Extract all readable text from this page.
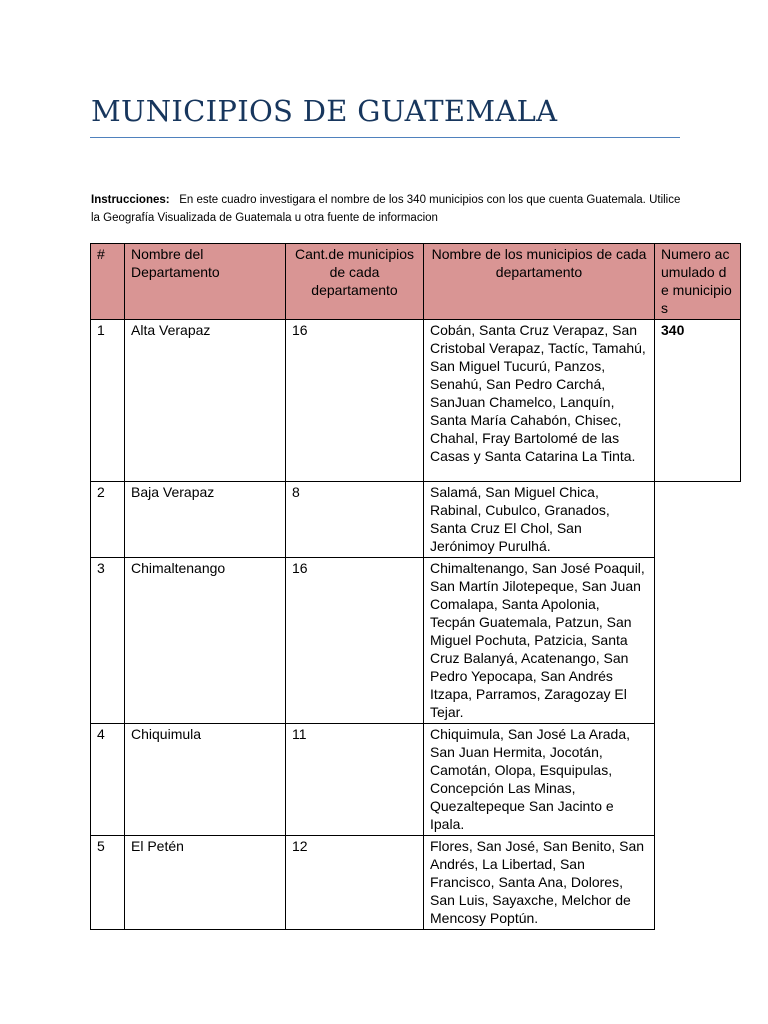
MUNICIPIOS DE GUATEMALA
Instrucciones: En este cuadro investigara el nombre de los 340 municipios con los que cuenta Guatemala. Utilice la Geografía Visualizada de Guatemala u otra fuente de informacion
#	Nombre del Departamento	Cant.de municipios de cada departamento	Nombre de los municipios de cada departamento	Numero acumulado de municipios
1	Alta Verapaz	16	Cobán, Santa Cruz Verapaz, San Cristobal Verapaz, Tactíc, Tamahú, San Miguel Tucurú, Panzos, Senahú, San Pedro Carchá, SanJuan Chamelco, Lanquín, Santa María Cahabón, Chisec, Chahal, Fray Bartolomé de las Casas y Santa Catarina La Tinta.	340
2	Baja Verapaz	8	Salamá, San Miguel Chica, Rabinal, Cubulco, Granados, Santa Cruz El Chol, San Jerónimoy Purulhá.	
3	Chimaltenango	16	Chimaltenango, San José Poaquil, San Martín Jilotepeque, San Juan Comalapa, Santa Apolonia, Tecpán Guatemala, Patzun, San Miguel Pochuta, Patzicia, Santa Cruz Balanyá, Acatenango, San Pedro Yepocapa, San Andrés Itzapa, Parramos, Zaragozay El Tejar.	
4	Chiquimula	11	Chiquimula, San José La Arada, San Juan Hermita, Jocotán, Camotán, Olopa, Esquipulas, Concepción Las Minas, Quezaltepeque San Jacinto e Ipala.	
5	El Petén	12	Flores, San José, San Benito, San Andrés, La Libertad, San Francisco, Santa Ana, Dolores, San Luis, Sayaxche, Melchor de Mencosy Poptún.	
